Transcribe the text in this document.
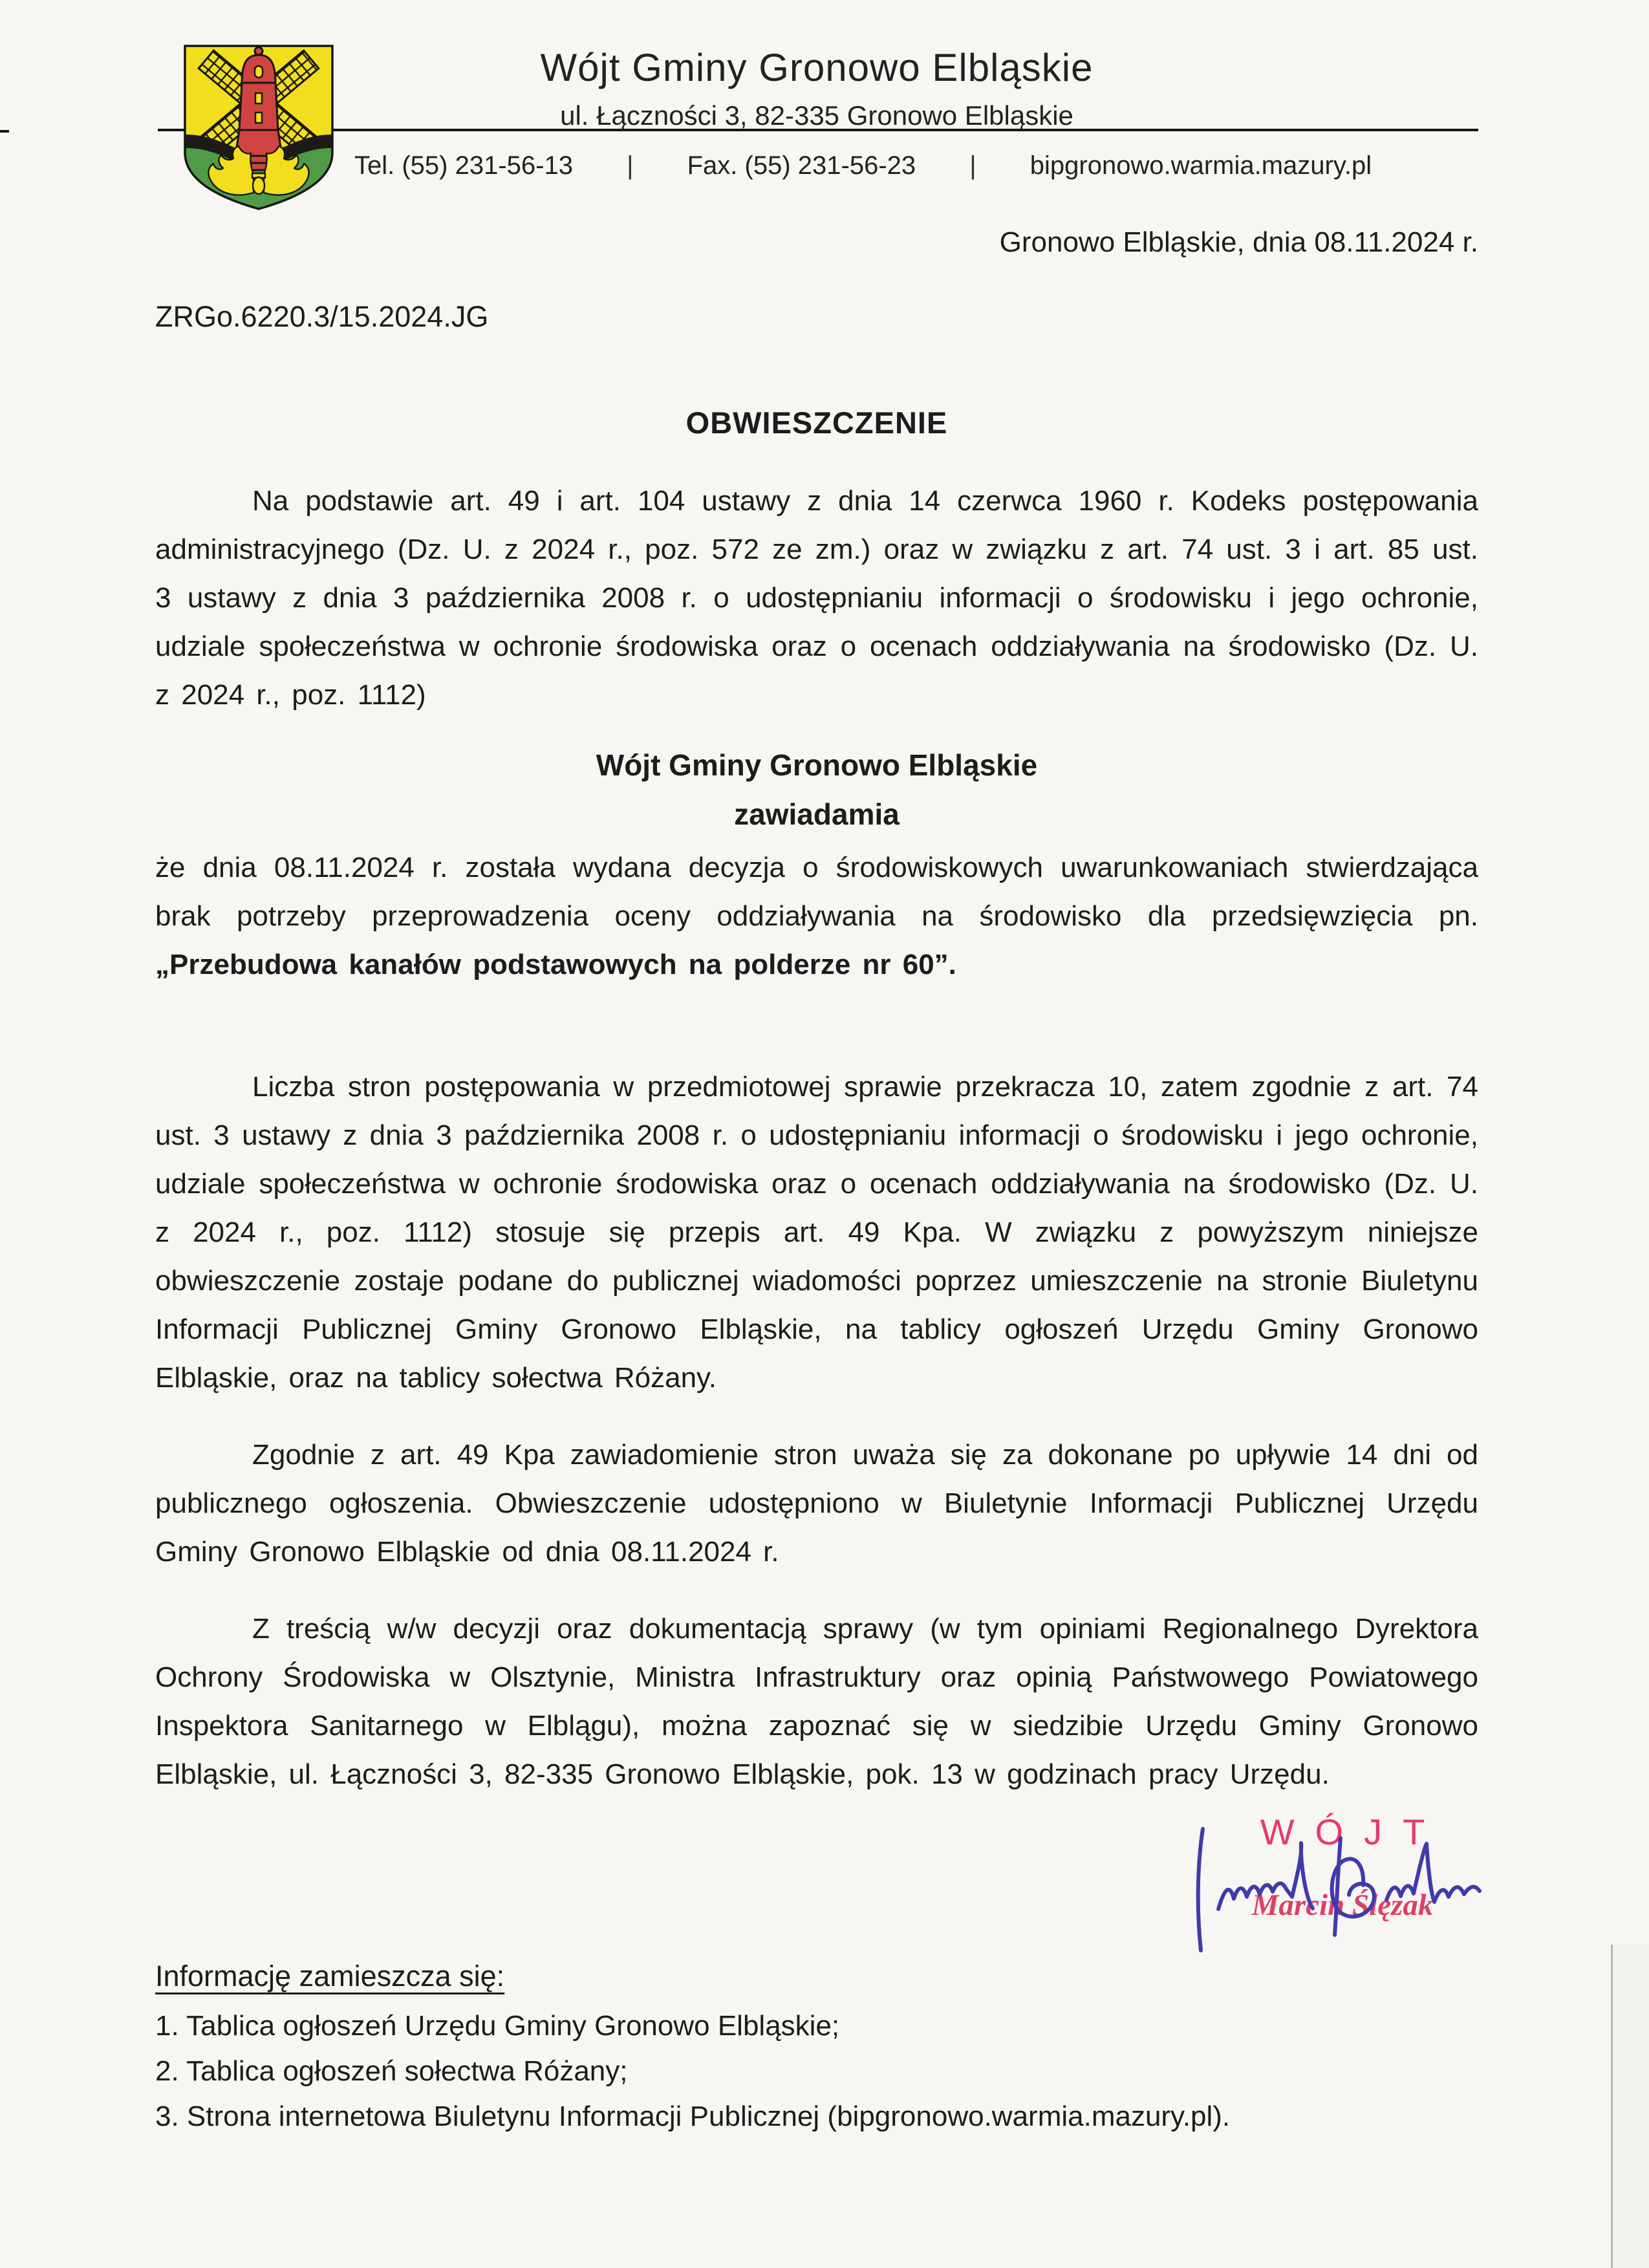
Wójt Gminy Gronowo Elbląskie
ul. Łączności 3, 82-335 Gronowo Elbląskie
Tel. (55) 231-56-13 | Fax. (55) 231-56-23 | bipgronowo.warmia.mazury.pl
Gronowo Elbląskie, dnia 08.11.2024 r.
ZRGo.6220.3/15.2024.JG
OBWIESZCZENIE

Na podstawie art. 49 i art. 104 ustawy z dnia 14 czerwca 1960 r. Kodeks postępowania administracyjnego (Dz. U. z 2024 r., poz. 572 ze zm.) oraz w związku z art. 74 ust. 3 i art. 85 ust. 3 ustawy z dnia 3 października 2008 r. o udostępnianiu informacji o środowisku i jego ochronie, udziale społeczeństwa w ochronie środowiska oraz o ocenach oddziaływania na środowisko (Dz. U. z 2024 r., poz. 1112)

Wójt Gminy Gronowo Elbląskie
zawiadamia

że dnia 08.11.2024 r. została wydana decyzja o środowiskowych uwarunkowaniach stwierdzająca brak potrzeby przeprowadzenia oceny oddziaływania na środowisko dla przedsięwzięcia pn. „Przebudowa kanałów podstawowych na polderze nr 60”.

Liczba stron postępowania w przedmiotowej sprawie przekracza 10, zatem zgodnie z art. 74 ust. 3 ustawy z dnia 3 października 2008 r. o udostępnianiu informacji o środowisku i jego ochronie, udziale społeczeństwa w ochronie środowiska oraz o ocenach oddziaływania na środowisko (Dz. U. z 2024 r., poz. 1112) stosuje się przepis art. 49 Kpa. W związku z powyższym niniejsze obwieszczenie zostaje podane do publicznej wiadomości poprzez umieszczenie na stronie Biuletynu Informacji Publicznej Gminy Gronowo Elbląskie, na tablicy ogłoszeń Urzędu Gminy Gronowo Elbląskie, oraz na tablicy sołectwa Różany.

Zgodnie z art. 49 Kpa zawiadomienie stron uważa się za dokonane po upływie 14 dni od publicznego ogłoszenia. Obwieszczenie udostępniono w Biuletynie Informacji Publicznej Urzędu Gminy Gronowo Elbląskie od dnia 08.11.2024 r.

Z treścią w/w decyzji oraz dokumentacją sprawy (w tym opiniami Regionalnego Dyrektora Ochrony Środowiska w Olsztynie, Ministra Infrastruktury oraz opinią Państwowego Powiatowego Inspektora Sanitarnego w Elblągu), można zapoznać się w siedzibie Urzędu Gminy Gronowo Elbląskie, ul. Łączności 3, 82-335 Gronowo Elbląskie, pok. 13 w godzinach pracy Urzędu.

WÓJT
Marcin Ślęzak
Informację zamieszcza się:
1. Tablica ogłoszeń Urzędu Gminy Gronowo Elbląskie;
2. Tablica ogłoszeń sołectwa Różany;
3. Strona internetowa Biuletynu Informacji Publicznej (bipgronowo.warmia.mazury.pl).
